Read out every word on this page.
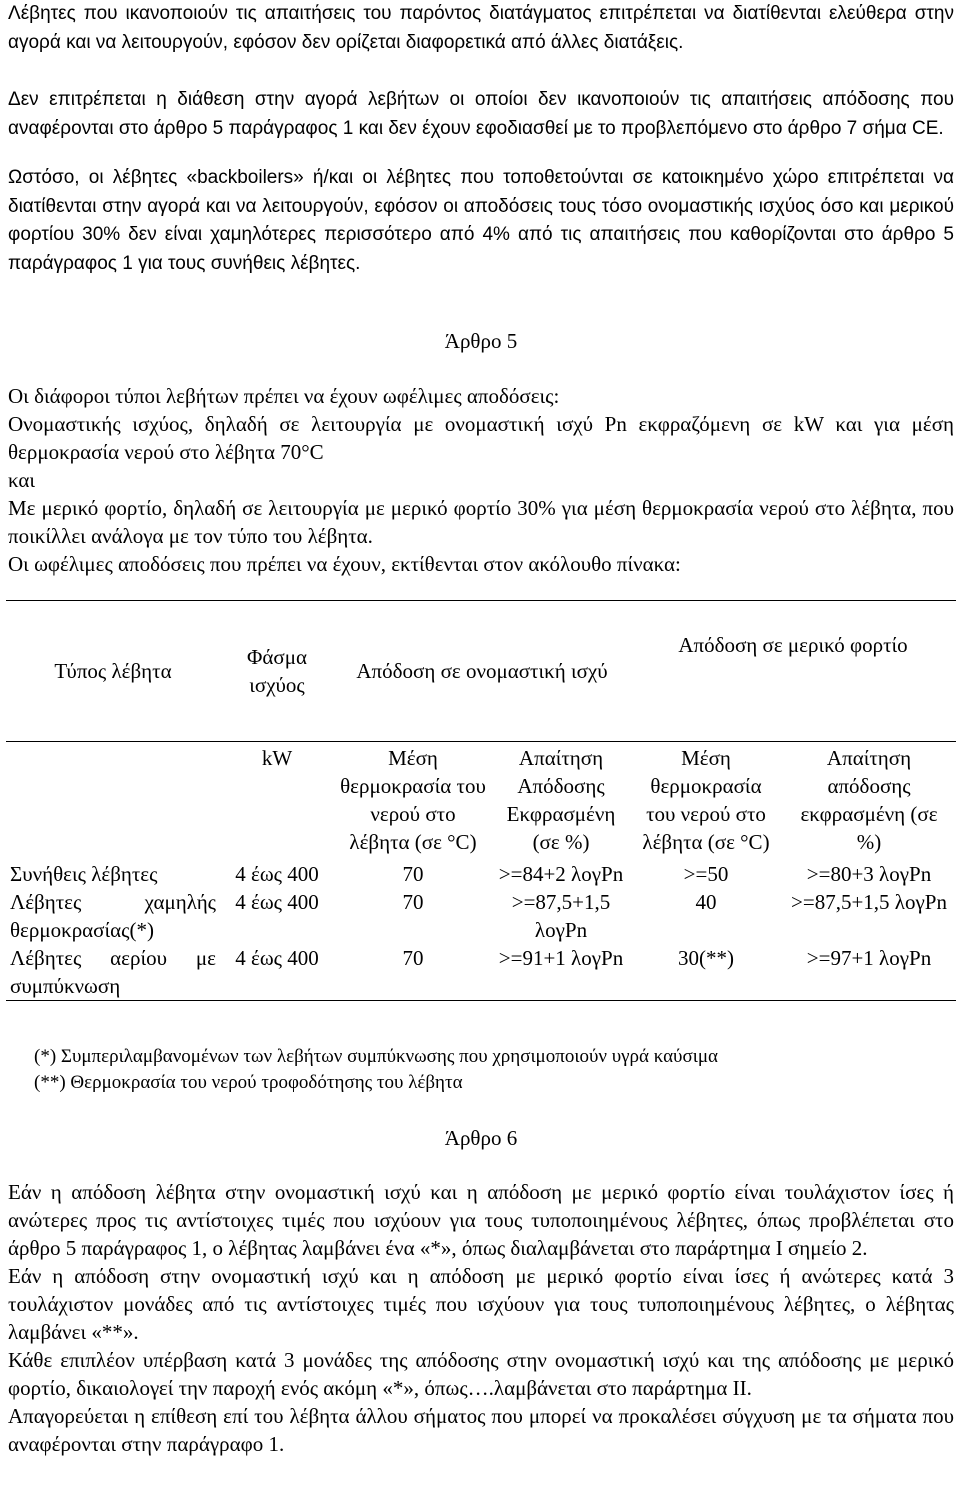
Λέβητες που ικανοποιούν τις απαιτήσεις του παρόντος διατάγματος επιτρέπεται να διατίθενται ελεύθερα στην αγορά και να λειτουργούν, εφόσον δεν ορίζεται διαφορετικά από άλλες διατάξεις.

Δεν επιτρέπεται η διάθεση στην αγορά λεβήτων οι οποίοι δεν ικανοποιούν τις απαιτήσεις απόδοσης που αναφέρονται στο άρθρο 5 παράγραφος 1 και δεν έχουν εφοδιασθεί με το προβλεπόμενο στο άρθρο 7 σήμα CE.

Ωστόσο, οι λέβητες «backboilers» ή/και οι λέβητες που τοποθετούνται σε κατοικημένο χώρο επιτρέπεται να διατίθενται στην αγορά και να λειτουργούν, εφόσον οι αποδόσεις τους τόσο ονομαστικής ισχύος όσο και μερικού φορτίου 30% δεν είναι χαμηλότερες περισσότερο από 4% από τις απαιτήσεις που καθορίζονται στο άρθρο 5 παράγραφος 1 για τους συνήθεις λέβητες.

Άρθρο 5

Οι διάφοροι τύποι λεβήτων πρέπει να έχουν ωφέλιμες αποδόσεις:

Ονομαστικής ισχύος, δηλαδή σε λειτουργία με ονομαστική ισχύ Pn εκφραζόμενη σε kW και για μέση θερμοκρασία νερού στο λέβητα 70°C

και

Με μερικό φορτίο, δηλαδή σε λειτουργία με μερικό φορτίο 30% για μέση θερμοκρασία νερού στο λέβητα, που ποικίλλει ανάλογα με τον τύπο του λέβητα.

Οι ωφέλιμες αποδόσεις που πρέπει να έχουν, εκτίθενται στον ακόλουθο πίνακα:

Τύπος λέβητα	Φάσμα ισχύος	Απόδοση σε ονομαστική ισχύ		Απόδοση σε μερικό φορτίο	
	kW	Μέση θερμοκρασία του νερού στο λέβητα (σε °C)	Απαίτηση Απόδοσης Εκφρασμένη (σε %)	Μέση θερμοκρασία του νερού στο λέβητα (σε °C)	Απαίτηση απόδοσης εκφρασμένη (σε %)
Συνήθεις λέβητες	4 έως 400	70	>=84+2 λογPn	>=50	>=80+3 λογPn
Λέβητες χαμηλής θερμοκρασίας(*)	4 έως 400	70	>=87,5+1,5 λογPn	40	>=87,5+1,5 λογPn
Λέβητες αερίου με συμπύκνωση	4 έως 400	70	>=91+1 λογPn	30(**)	>=97+1 λογPn

(*) Συμπεριλαμβανομένων των λεβήτων συμπύκνωσης που χρησιμοποιούν υγρά καύσιμα

(**) Θερμοκρασία του νερού τροφοδότησης του λέβητα

Άρθρο 6

Εάν η απόδοση λέβητα στην ονομαστική ισχύ και η απόδοση με μερικό φορτίο είναι τουλάχιστον ίσες ή ανώτερες προς τις αντίστοιχες τιμές που ισχύουν για τους τυποποιημένους λέβητες, όπως προβλέπεται στο άρθρο 5 παράγραφος 1, ο λέβητας λαμβάνει ένα «*», όπως διαλαμβάνεται στο παράρτημα Ι σημείο 2.

Εάν η απόδοση στην ονομαστική ισχύ και η απόδοση με μερικό φορτίο είναι ίσες ή ανώτερες κατά 3 τουλάχιστον μονάδες από τις αντίστοιχες τιμές που ισχύουν για τους τυποποιημένους λέβητες, ο λέβητας λαμβάνει «**».

Κάθε επιπλέον υπέρβαση κατά 3 μονάδες της απόδοσης στην ονομαστική ισχύ και της απόδοσης με μερικό φορτίο, δικαιολογεί την παροχή ενός ακόμη «*», όπως….λαμβάνεται στο παράρτημα ΙΙ.

Απαγορεύεται η επίθεση επί του λέβητα άλλου σήματος που μπορεί να προκαλέσει σύγχυση με τα σήματα που αναφέρονται στην παράγραφο 1.
